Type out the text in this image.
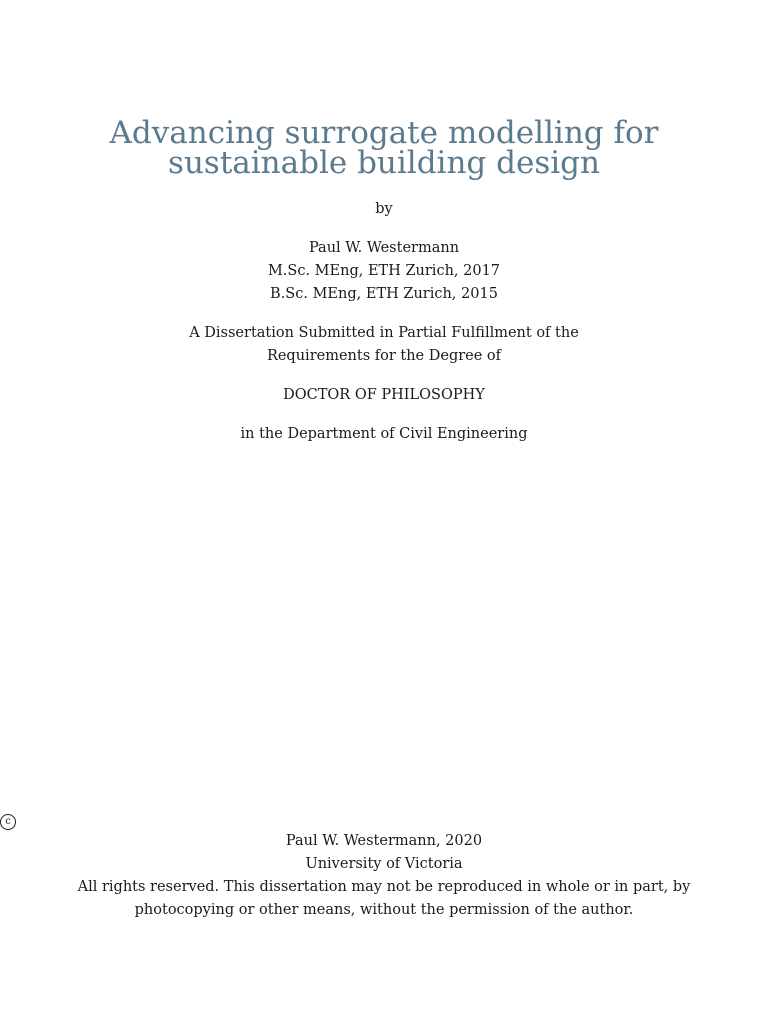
Advancing surrogate modelling for
sustainable building design
by
Paul W. Westermann
M.Sc. MEng, ETH Zurich, 2017
B.Sc. MEng, ETH Zurich, 2015
A Dissertation Submitted in Partial Fulfillment of the
Requirements for the Degree of
DOCTOR OF PHILOSOPHY
in the Department of Civil Engineering
c
Paul W. Westermann, 2020
University of Victoria
All rights reserved. This dissertation may not be reproduced in whole or in part, by
photocopying or other means, without the permission of the author.
